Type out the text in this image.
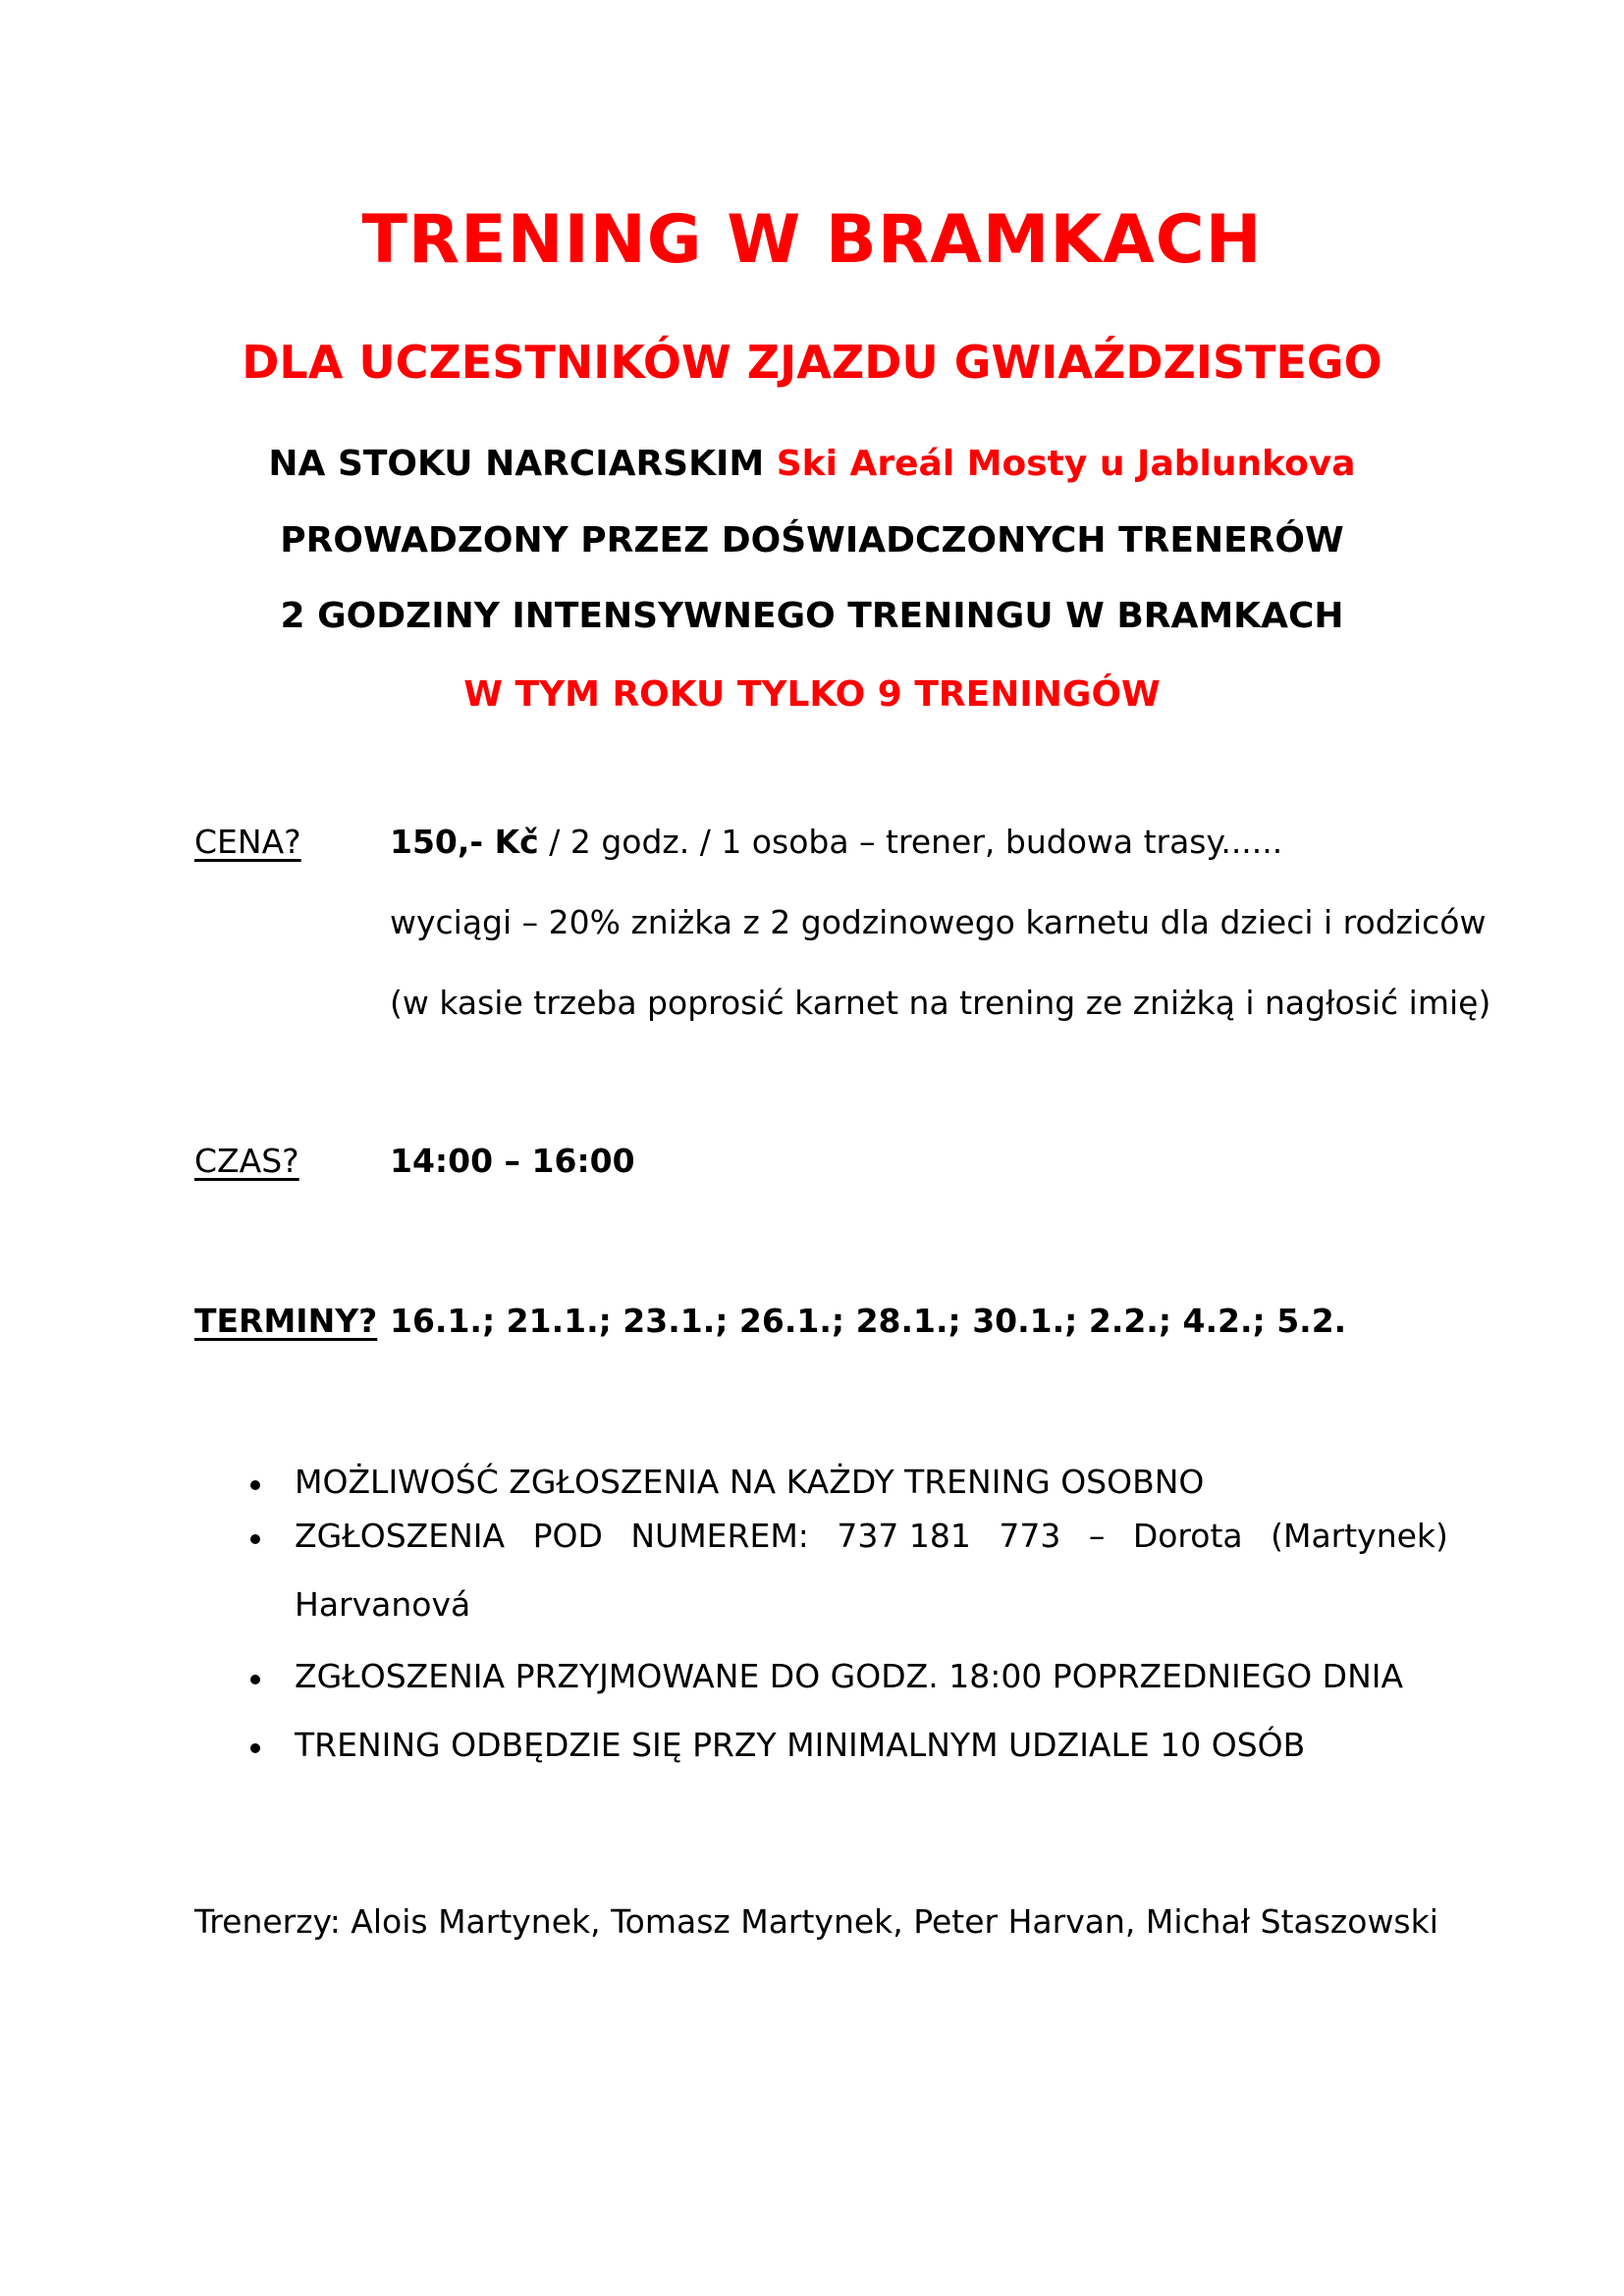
TRENING W BRAMKACH
DLA UCZESTNIKÓW ZJAZDU GWIAŹDZISTEGO
NA STOKU NARCIARSKIM Ski Areál Mosty u Jablunkova
PROWADZONY PRZEZ DOŚWIADCZONYCH TRENERÓW
2 GODZINY INTENSYWNEGO TRENINGU W BRAMKACH
W TYM ROKU TYLKO 9 TRENINGÓW
CENA?	150,- Kč / 2 godz. / 1 osoba – trener, budowa trasy......
wyciągi – 20% zniżka z 2 godzinowego karnetu dla dzieci i rodziców
(w kasie trzeba poprosić karnet na trening ze zniżką i nagłosić imię)
CZAS?	14:00 – 16:00
TERMINY? 16.1.; 21.1.; 23.1.; 26.1.; 28.1.; 30.1.; 2.2.; 4.2.; 5.2.
MOŻLIWOŚĆ ZGŁOSZENIA NA KAŻDY TRENING OSOBNO
ZGŁOSZENIA POD NUMEREM: 737 181 773 – Dorota (Martynek)
Harvanová
ZGŁOSZENIA PRZYJMOWANE DO GODZ. 18:00 POPRZEDNIEGO DNIA
TRENING ODBĘDZIE SIĘ PRZY MINIMALNYM UDZIALE 10 OSÓB
Trenerzy: Alois Martynek, Tomasz Martynek, Peter Harvan, Michał Staszowski
